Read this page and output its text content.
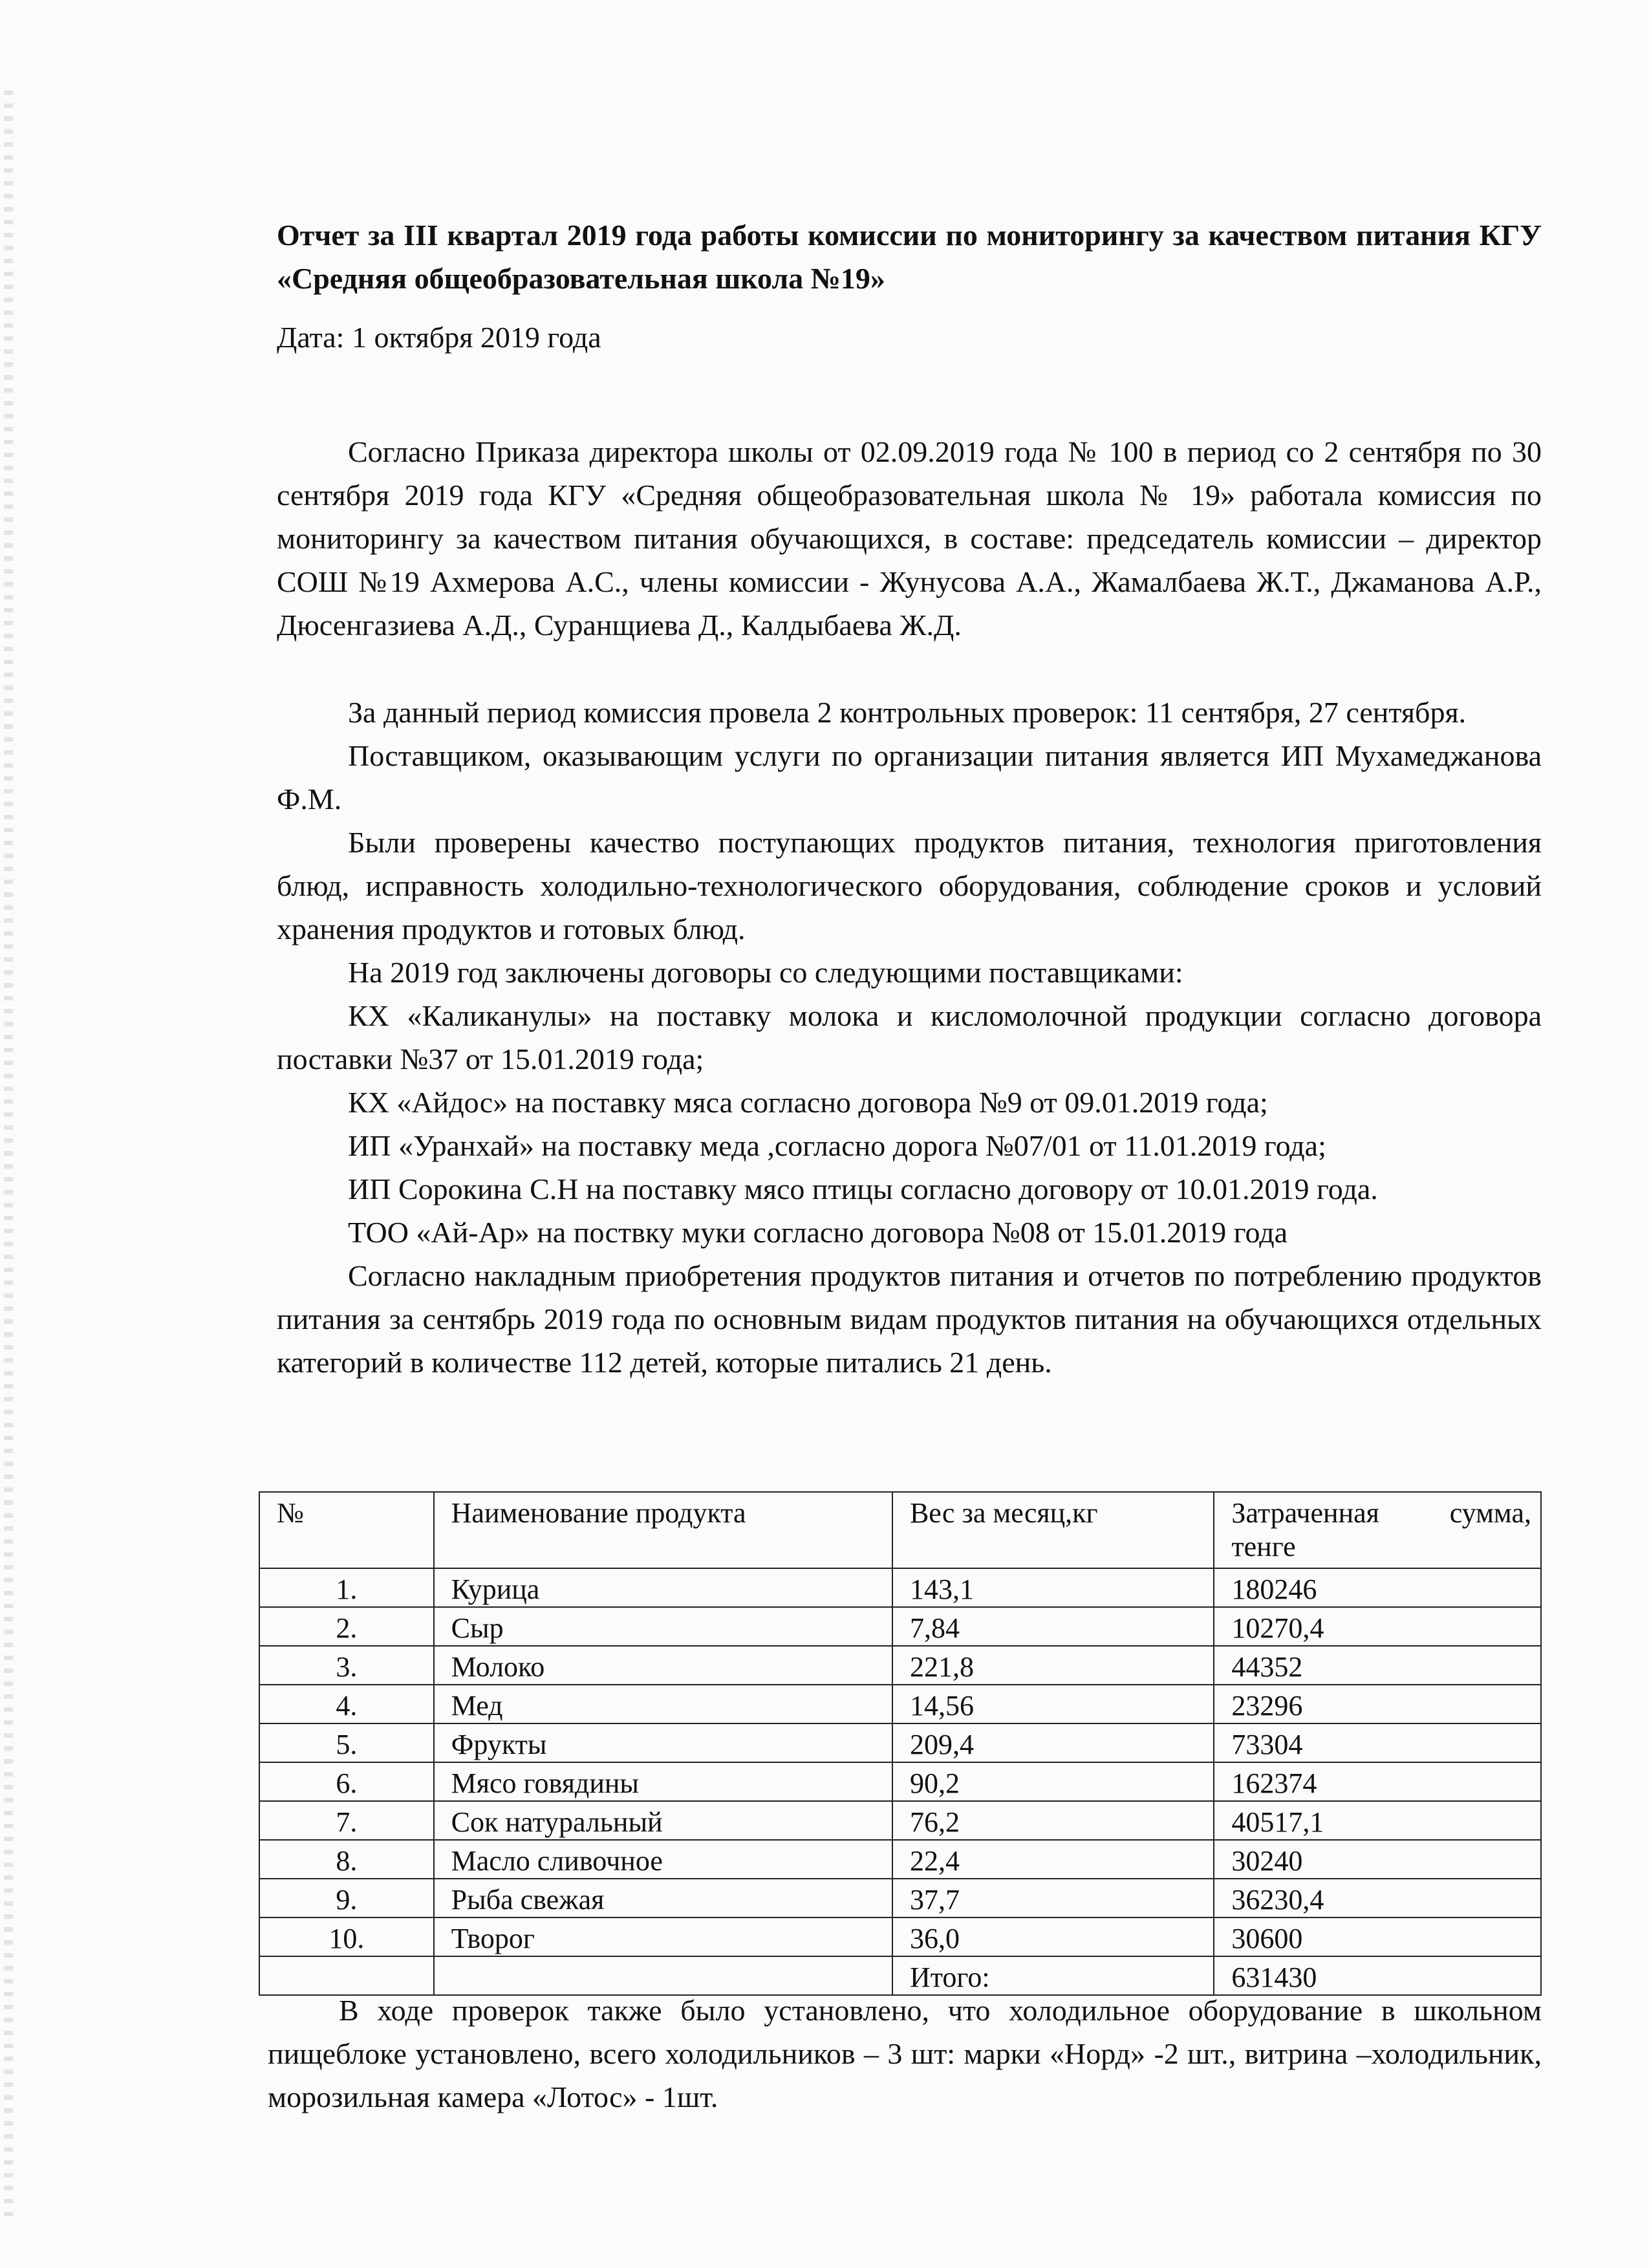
Отчет за III квартал 2019 года работы комиссии по мониторингу за качеством питания КГУ «Средняя общеобразовательная школа №19»

Дата: 1 октября 2019 года

Согласно Приказа директора школы от 02.09.2019 года № 100 в период со 2 сентября по 30 сентября 2019 года КГУ «Средняя общеобразовательная школа № 19» работала комиссия по мониторингу за качеством питания обучающихся, в составе: председатель комиссии – директор СОШ №19 Ахмерова А.С., члены комиссии - Жунусова А.А., Жамалбаева Ж.Т., Джаманова А.Р., Дюсенгазиева А.Д., Суранщиева Д., Калдыбаева Ж.Д.

За данный период комиссия провела 2 контрольных проверок: 11 сентября, 27 сентября.

Поставщиком, оказывающим услуги по организации питания является ИП Мухамеджанова Ф.М.

Были проверены качество поступающих продуктов питания, технология приготовления блюд, исправность холодильно-технологического оборудования, соблюдение сроков и условий хранения продуктов и готовых блюд.

На 2019 год заключены договоры со следующими поставщиками:

КХ «Каликанулы» на поставку молока и кисломолочной продукции согласно договора поставки №37 от 15.01.2019 года;

КХ «Айдос» на поставку мяса согласно договора №9 от 09.01.2019 года;

ИП «Уранхай» на поставку меда ,согласно дорога №07/01 от 11.01.2019 года;

ИП Сорокина С.Н на поставку мясо птицы согласно договору от 10.01.2019 года.

ТОО «Ай-Ар» на поствку муки согласно договора №08 от 15.01.2019 года

Согласно накладным приобретения продуктов питания и отчетов по потреблению продуктов питания за сентябрь 2019 года по основным видам продуктов питания на обучающихся отдельных категорий в количестве 112 детей, которые питались 21 день.

№	Наименование продукта	Вес за месяц,кг	Затраченная сумма, тенге
1.	Курица	143,1	180246
2.	Сыр	7,84	10270,4
3.	Молоко	221,8	44352
4.	Мед	14,56	23296
5.	Фрукты	209,4	73304
6.	Мясо говядины	90,2	162374
7.	Сок натуральный	76,2	40517,1
8.	Масло сливочное	22,4	30240
9.	Рыба свежая	37,7	36230,4
10.	Творог	36,0	30600
		Итого:	631430

В ходе проверок также было установлено, что холодильное оборудование в школьном пищеблоке установлено, всего холодильников – 3 шт: марки «Норд» -2 шт., витрина –холодильник, морозильная камера «Лотос» - 1шт.
